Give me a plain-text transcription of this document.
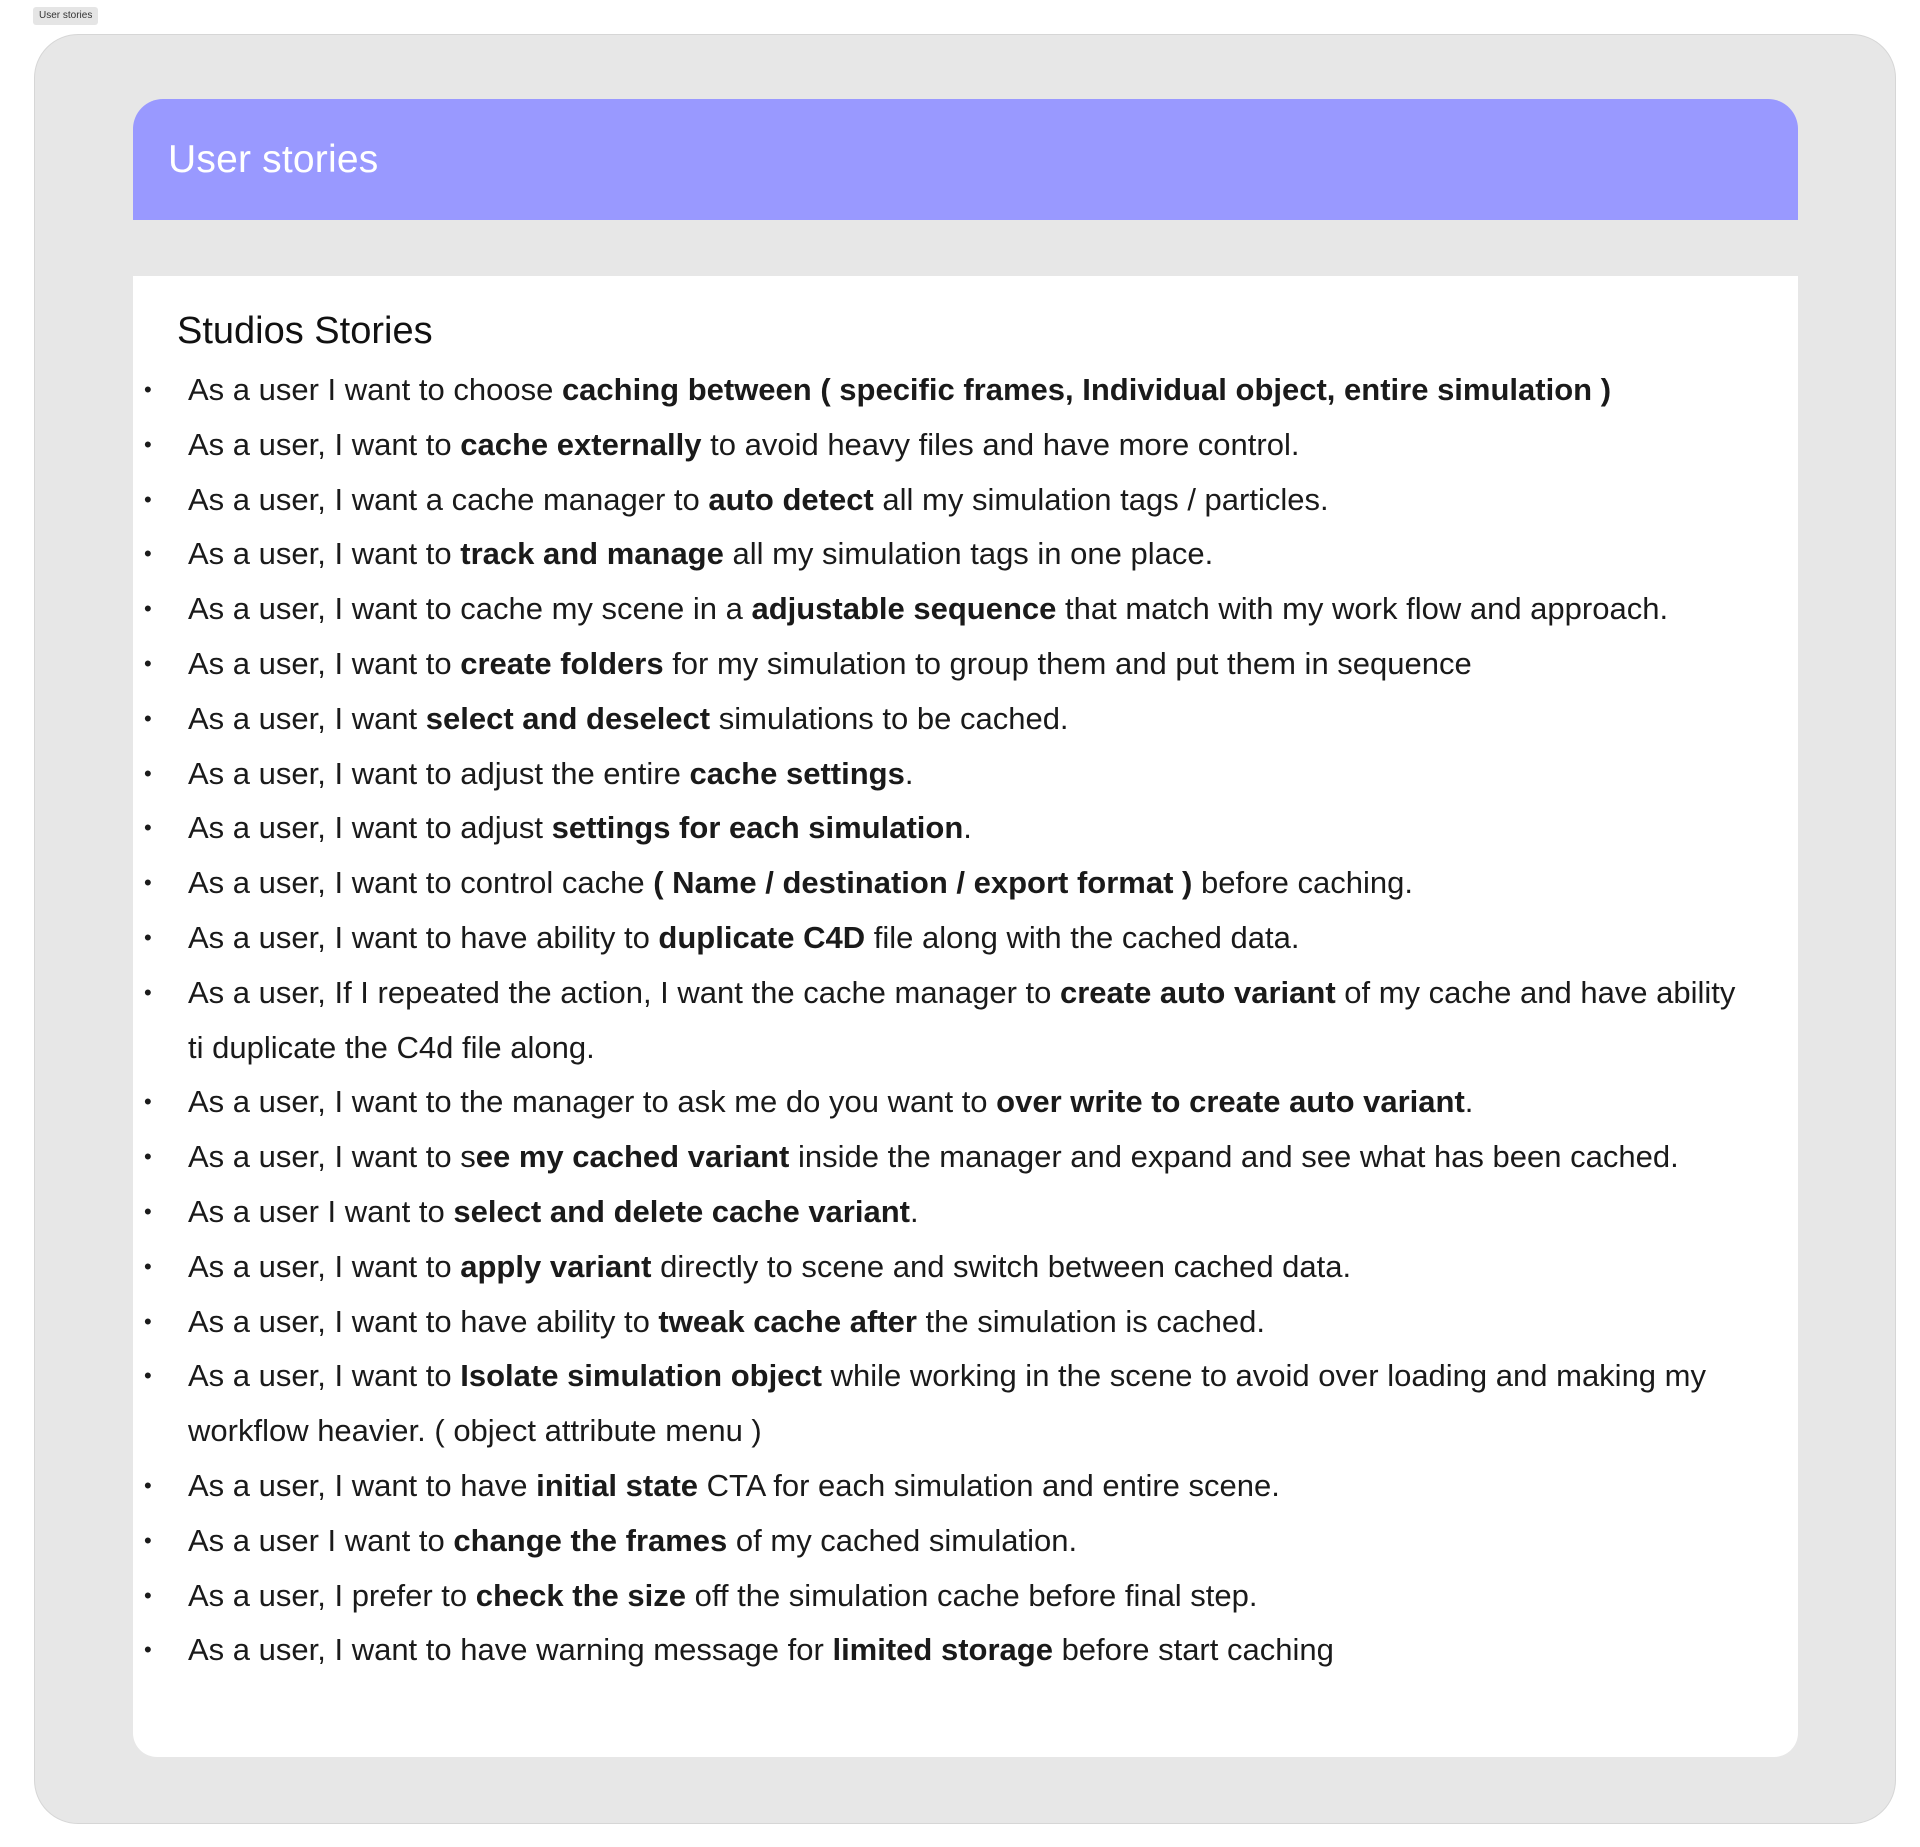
User stories
User stories
Studios Stories
• As a user I want to choose caching between ( specific frames, Individual object, entire simulation )
• As a user, I want to cache externally to avoid heavy files and have more control.
• As a user, I want a cache manager to auto detect all my simulation tags / particles.
• As a user, I want to track and manage all my simulation tags in one place.
• As a user, I want to cache my scene in a adjustable sequence that match with my work flow and approach.
• As a user, I want to create folders for my simulation to group them and put them in sequence
• As a user, I want select and deselect simulations to be cached.
• As a user, I want to adjust the entire cache settings.
• As a user, I want to adjust settings for each simulation.
• As a user, I want to control cache ( Name / destination / export format ) before caching.
• As a user, I want to have ability to duplicate C4D file along with the cached data.
• As a user, If I repeated the action, I want the cache manager to create auto variant of my cache and have ability ti duplicate the C4d file along.
• As a user, I want to the manager to ask me do you want to over write to create auto variant.
• As a user, I want to see my cached variant inside the manager and expand and see what has been cached.
• As a user I want to select and delete cache variant.
• As a user, I want to apply variant directly to scene and switch between cached data.
• As a user, I want to have ability to tweak cache after the simulation is cached.
• As a user, I want to Isolate simulation object while working in the scene to avoid over loading and making my workflow heavier. ( object attribute menu )
• As a user, I want to have initial state CTA for each simulation and entire scene.
• As a user I want to change the frames of my cached simulation.
• As a user, I prefer to check the size off the simulation cache before final step.
• As a user, I want to have warning message for limited storage before start caching
